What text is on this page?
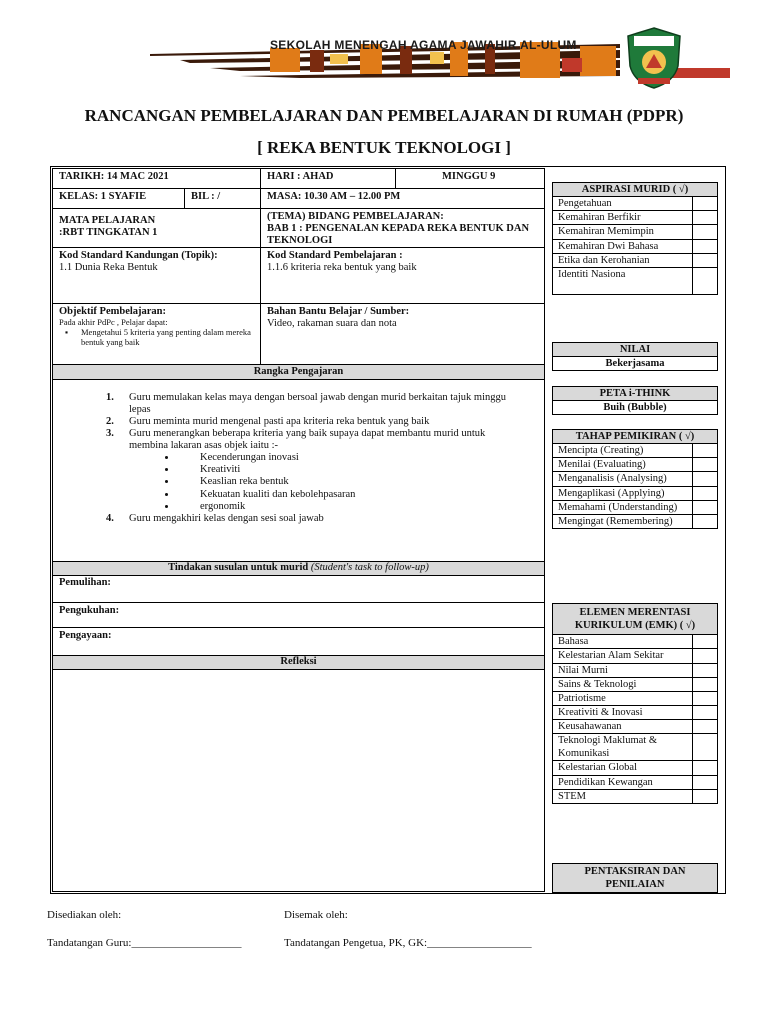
SEKOLAH MENENGAH AGAMA JAWAHIR AL-ULUM
RANCANGAN PEMBELAJARAN DAN PEMBELAJARAN DI RUMAH (PDPR)
[ REKA BENTUK TEKNOLOGI ]
TARIKH: 14 MAC 2021	HARI : AHAD	MINGGU 9
KELAS: 1 SYAFIE	BIL : /	MASA: 10.30 AM – 12.00 PM
MATA PELAJARAN
:RBT TINGKATAN 1
(TEMA) BIDANG PEMBELAJARAN:
BAB 1 : PENGENALAN KEPADA REKA BENTUK DAN TEKNOLOGI
Kod Standard Kandungan (Topik):
1.1 Dunia Reka Bentuk
Kod Standard Pembelajaran :
1.1.6 kriteria reka bentuk yang baik
Objektif Pembelajaran:
Pada akhir PdPc , Pelajar dapat:
▪ Mengetahui 5 kriteria yang penting dalam mereka bentuk yang baik
Bahan Bantu Belajar / Sumber:
Video, rakaman suara dan nota
Rangka Pengajaran
1. Guru memulakan kelas maya dengan bersoal jawab dengan murid berkaitan tajuk minggu lepas
2. Guru meminta murid mengenal pasti apa kriteria reka bentuk yang baik
3. Guru menerangkan beberapa kriteria yang baik supaya dapat membantu murid untuk membina lakaran asas objek iaitu :-
• Kecenderungan inovasi
• Kreativiti
• Keaslian reka bentuk
• Kekuatan kualiti dan kebolehpasaran
• ergonomik
4. Guru mengakhiri kelas dengan sesi soal jawab
Tindakan susulan untuk murid (Student's task to follow-up)
Pemulihan:
Pengukuhan:
Pengayaan:
Refleksi
ASPIRASI MURID ( √)	
Pengetahuan	
Kemahiran Berfikir	
Kemahiran Memimpin	
Kemahiran Dwi Bahasa	
Etika dan Kerohanian	
Identiti Nasiona	
NILAI
Bekerjasama
PETA i-THINK
Buih (Bubble)
TAHAP PEMIKIRAN ( √)	
Mencipta (Creating)	
Menilai (Evaluating)	
Menganalisis (Analysing)	
Mengaplikasi (Applying)	
Memahami (Understanding)	
Mengingat (Remembering)	
ELEMEN MERENTASI KURIKULUM (EMK) ( √)	
Bahasa	
Kelestarian Alam Sekitar	
Nilai Murni	
Sains & Teknologi	
Patriotisme	
Kreativiti & Inovasi	
Keusahawanan	
Teknologi Maklumat & Komunikasi	
Kelestarian Global	
Pendidikan Kewangan	
STEM	
PENTAKSIRAN DAN PENILAIAN
Disediakan oleh:	Disemak oleh:
Tandatangan Guru:____________________	Tandatangan Pengetua, PK, GK:___________________
